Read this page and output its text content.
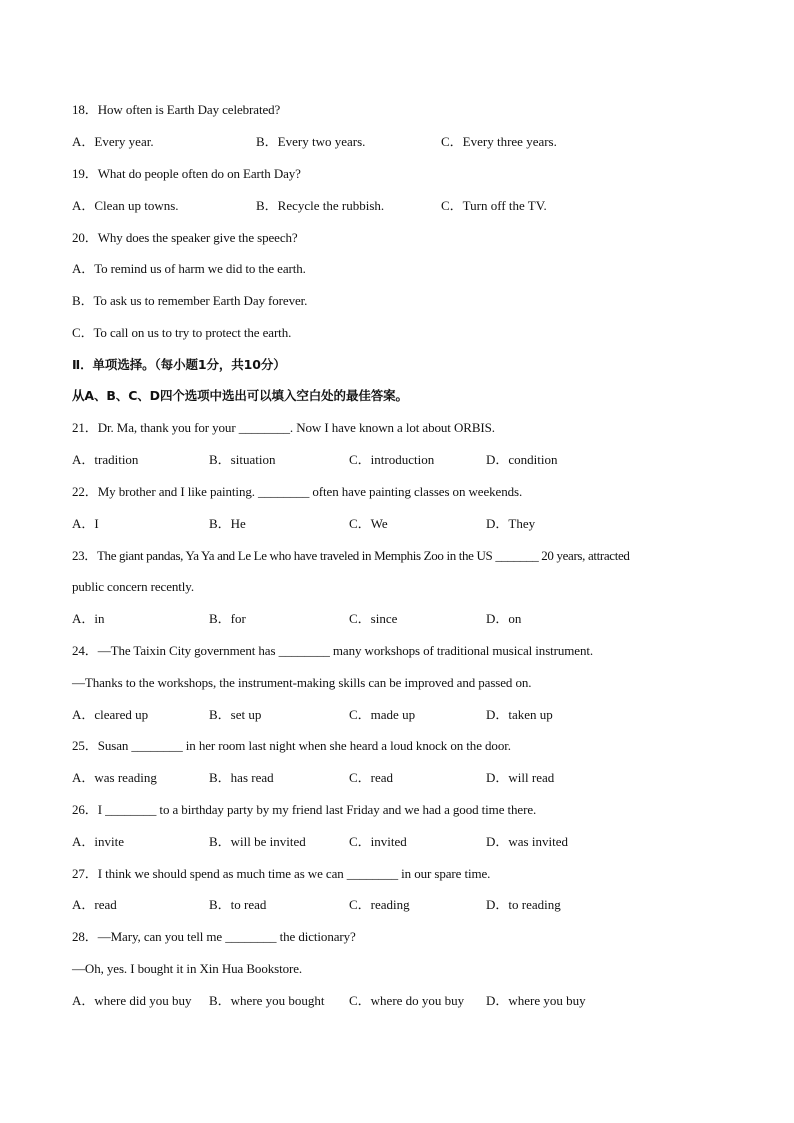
18．How often is Earth Day celebrated?
A．Every year.	B．Every two years.	C．Every three years.
19．What do people often do on Earth Day?
A．Clean up towns.	B．Recycle the rubbish.	C．Turn off the TV.
20．Why does the speaker give the speech?
A．To remind us of harm we did to the earth.
B．To ask us to remember Earth Day forever.
C．To call on us to try to protect the earth.
Ⅱ．单项选择。（每小题1分，共10分）
从A、B、C、D四个选项中选出可以填入空白处的最佳答案。
21．Dr. Ma, thank you for your ________. Now I have known a lot about ORBIS.
A．tradition	B．situation	C．introduction	D．condition
22．My brother and I like painting. ________ often have painting classes on weekends.
A．I	B．He	C．We	D．They
23．The giant pandas, Ya Ya and Le Le who have traveled in Memphis Zoo in the US _______ 20 years, attracted
public concern recently.
A．in	B．for	C．since	D．on
24．—The Taixin City government has ________ many workshops of traditional musical instrument.
—Thanks to the workshops, the instrument-making skills can be improved and passed on.
A．cleared up	B．set up	C．made up	D．taken up
25．Susan ________ in her room last night when she heard a loud knock on the door.
A．was reading	B．has read	C．read	D．will read
26．I ________ to a birthday party by my friend last Friday and we had a good time there.
A．invite	B．will be invited	C．invited	D．was invited
27．I think we should spend as much time as we can ________ in our spare time.
A．read	B．to read	C．reading	D．to reading
28．—Mary, can you tell me ________ the dictionary?
—Oh, yes. I bought it in Xin Hua Bookstore.
A．where did you buy B．where you bought C．where do you buy D．where you buy
